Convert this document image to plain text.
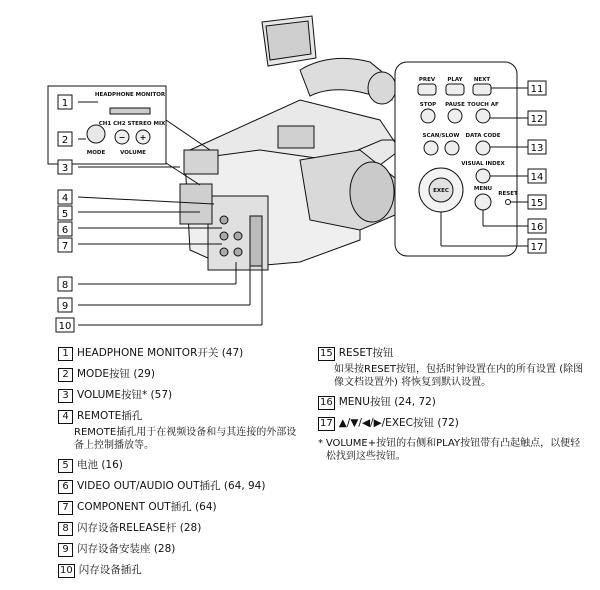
1
2
3
4
5
6
7
8
9
10
11
12
13
14
15
16
17
HEADPHONE MONITOR
CH1 CH2 STEREO MIX
MODE	VOLUME
− +
PREV PLAY NEXT
STOP PAUSE TOUCH AF
SCAN/SLOW DATA CODE
VISUAL INDEX
RESET
EXEC	MENU
1 HEADPHONE MONITOR开关 (47)
2 MODE按钮 (29)
3 VOLUME按钮* (57)
4 REMOTE插孔
REMOTE插孔用于在视频设备和与其连接的外部设备上控制播放等。
5 电池 (16)
6 VIDEO OUT/AUDIO OUT插孔 (64, 94)
7 COMPONENT OUT插孔 (64)
8 闪存设备RELEASE杆 (28)
9 闪存设备安装座 (28)
10 闪存设备插孔
15 RESET按钮
如果按RESET按钮，包括时钟设置在内的所有设置 (除图像文档设置外) 将恢复到默认设置。
16 MENU按钮 (24, 72)
17 ▲/▼/◀/▶/EXEC按钮 (72)
* VOLUME+按钮的右侧和PLAY按钮带有凸起触点，以便轻松找到这些按钮。
